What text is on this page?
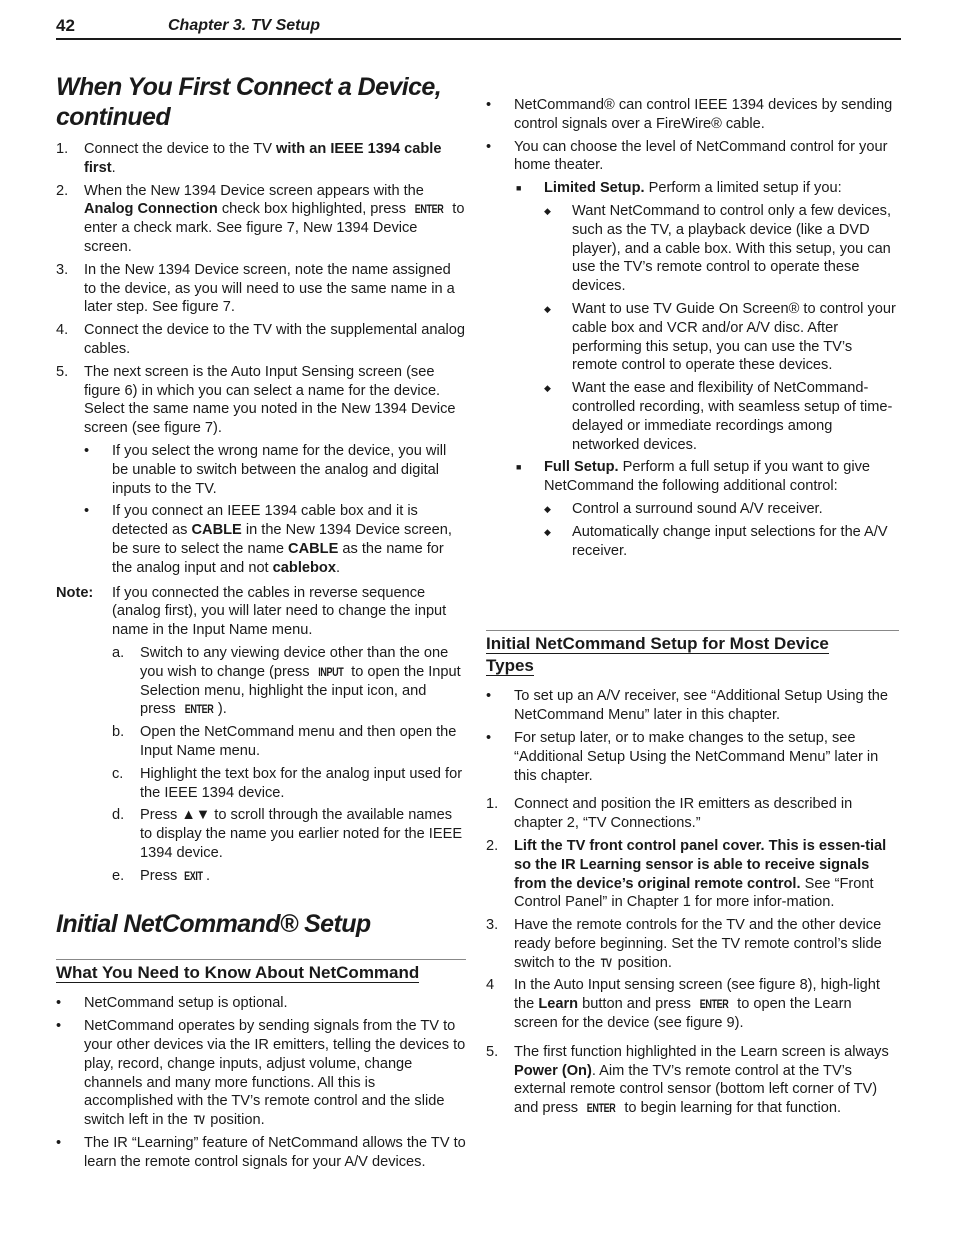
42	Chapter 3. TV Setup
When You First Connect a Device, continued
1.	Connect the device to the TV with an IEEE 1394 cable first.
2.	When the New 1394 Device screen appears with the Analog Connection check box highlighted, press ENTER to enter a check mark. See figure 7, New 1394 Device screen.
3.	In the New 1394 Device screen, note the name assigned to the device, as you will need to use the same name in a later step. See figure 7.
4.	Connect the device to the TV with the supplemental analog cables.
5.	The next screen is the Auto Input Sensing screen (see figure 6) in which you can select a name for the device. Select the same name you noted in the New 1394 Device screen (see figure 7).
•	If you select the wrong name for the device, you will be unable to switch between the analog and digital inputs to the TV.
•	If you connect an IEEE 1394 cable box and it is detected as CABLE in the New 1394 Device screen, be sure to select the name CABLE as the name for the analog input and not cablebox.
Note:	If you connected the cables in reverse sequence (analog first), you will later need to change the input name in the Input Name menu.
a.	Switch to any viewing device other than the one you wish to change (press INPUT to open the Input Selection menu, highlight the input icon, and press ENTER ).
b.	Open the NetCommand menu and then open the Input Name menu.
c.	Highlight the text box for the analog input used for the IEEE 1394 device.
d.	Press ▲▼ to scroll through the available names to display the name you earlier noted for the IEEE 1394 device.
e.	Press EXIT .
Initial NetCommand® Setup
What You Need to Know About NetCommand
•	NetCommand setup is optional.
•	NetCommand operates by sending signals from the TV to your other devices via the IR emitters, telling the devices to play, record, change inputs, adjust volume, change channels and many more functions. All this is accomplished with the TV’s remote control and the slide switch left in the TV position.
•	The IR “Learning” feature of NetCommand allows the TV to learn the remote control signals for your A/V devices.
•	NetCommand® can control IEEE 1394 devices by sending control signals over a FireWire® cable.
•	You can choose the level of NetCommand control for your home theater.
■	Limited Setup. Perform a limited setup if you:
◆	Want NetCommand to control only a few devices, such as the TV, a playback device (like a DVD player), and a cable box. With this setup, you can use the TV’s remote control to operate these devices.
◆	Want to use TV Guide On Screen® to control your cable box and VCR and/or A/V disc. After performing this setup, you can use the TV’s remote control to operate these devices.
◆	Want the ease and flexibility of NetCommand-controlled recording, with seamless setup of time-delayed or immediate recordings among networked devices.
■	Full Setup. Perform a full setup if you want to give NetCommand the following additional control:
◆	Control a surround sound A/V receiver.
◆	Automatically change input selections for the A/V receiver.
Initial NetCommand Setup for Most Device Types
•	To set up an A/V receiver, see “Additional Setup Using the NetCommand Menu” later in this chapter.
•	For setup later, or to make changes to the setup, see “Additional Setup Using the NetCommand Menu” later in this chapter.
1.	Connect and position the IR emitters as described in chapter 2, “TV Connections.”
2.	Lift the TV front control panel cover. This is essen-tial so the IR Learning sensor is able to receive signals from the device’s original remote control. See “Front Control Panel” in Chapter 1 for more infor-mation.
3.	Have the remote controls for the TV and the other device ready before beginning. Set the TV remote control’s slide switch to the TV position.
4	In the Auto Input sensing screen (see figure 8), high-light the Learn button and press ENTER to open the Learn screen for the device (see figure 9).
5.	The first function highlighted in the Learn screen is always Power (On). Aim the TV’s remote control at the TV’s external remote control sensor (bottom left corner of TV) and press ENTER to begin learning for that function.
